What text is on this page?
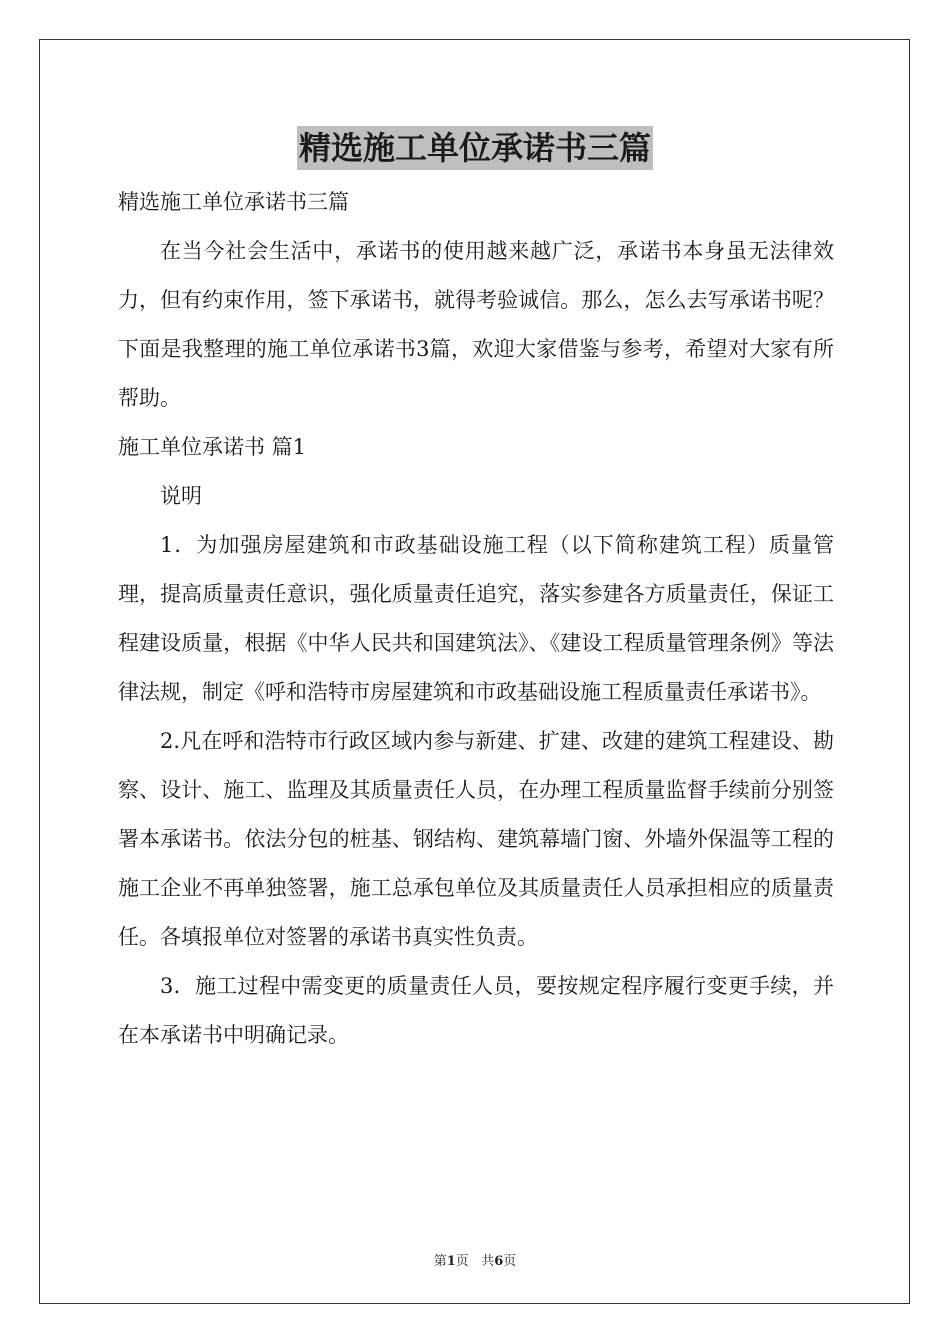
精选施工单位承诺书三篇

精选施工单位承诺书三篇

在当今社会生活中，承诺书的使用越来越广泛，承诺书本身虽无法律效力，但有约束作用，签下承诺书，就得考验诚信。那么，怎么去写承诺书呢？下面是我整理的施工单位承诺书3篇，欢迎大家借鉴与参考，希望对大家有所帮助。

施工单位承诺书 篇1

说明

1．为加强房屋建筑和市政基础设施工程（以下简称建筑工程）质量管理，提高质量责任意识，强化质量责任追究，落实参建各方质量责任，保证工程建设质量，根据《中华人民共和国建筑法》、《建设工程质量管理条例》等法律法规，制定《呼和浩特市房屋建筑和市政基础设施工程质量责任承诺书》。

2.凡在呼和浩特市行政区域内参与新建、扩建、改建的建筑工程建设、勘察、设计、施工、监理及其质量责任人员，在办理工程质量监督手续前分别签署本承诺书。依法分包的桩基、钢结构、建筑幕墙门窗、外墙外保温等工程的施工企业不再单独签署，施工总承包单位及其质量责任人员承担相应的质量责任。各填报单位对签署的承诺书真实性负责。

3．施工过程中需变更的质量责任人员，要按规定程序履行变更手续，并在本承诺书中明确记录。

第1页 共6页
